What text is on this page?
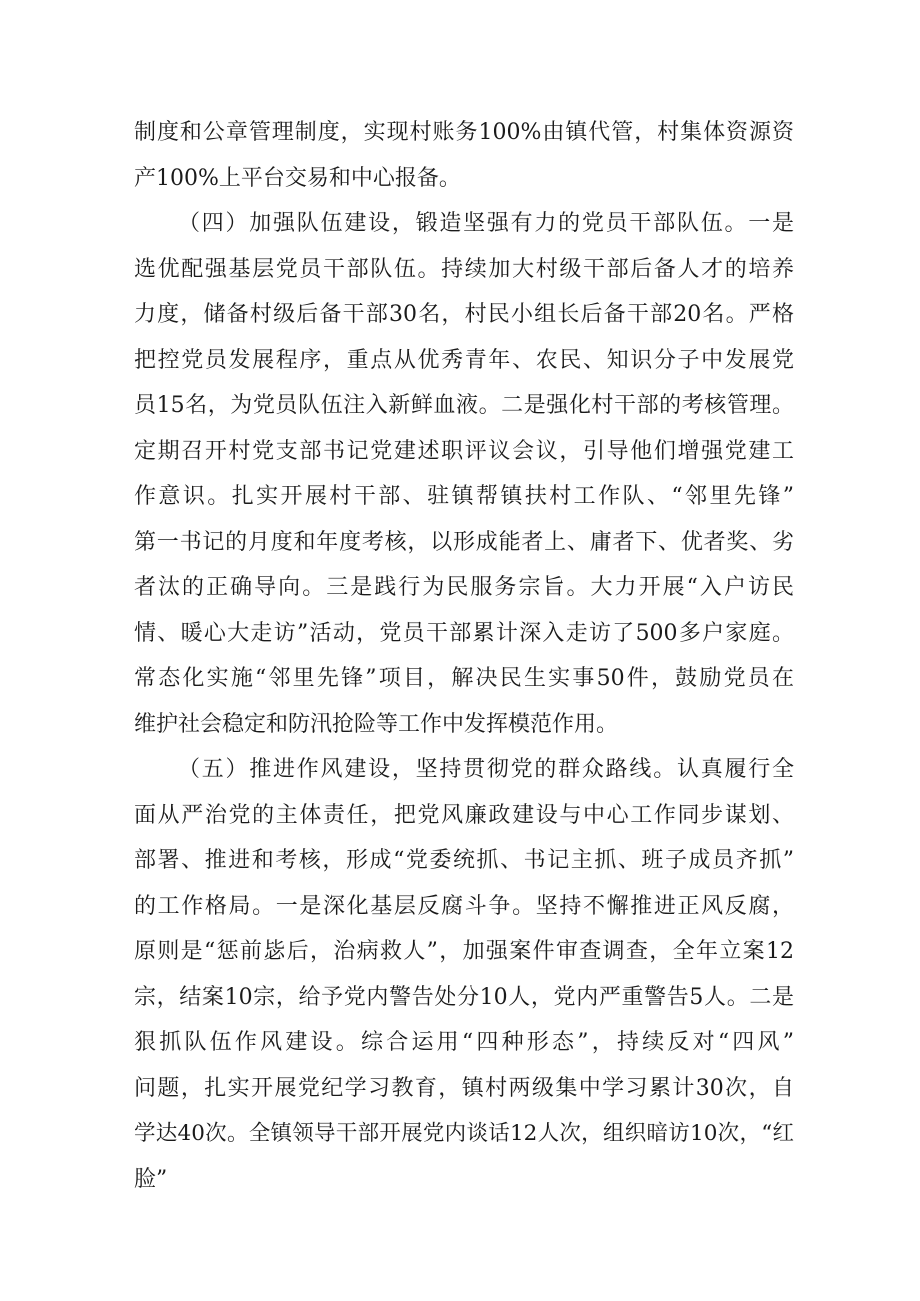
制度和公章管理制度，实现村账务100%由镇代管，村集体资源资
产100%上平台交易和中心报备。
（四）加强队伍建设，锻造坚强有力的党员干部队伍。一是
选优配强基层党员干部队伍。持续加大村级干部后备人才的培养
力度，储备村级后备干部30名，村民小组长后备干部20名。严格
把控党员发展程序，重点从优秀青年、农民、知识分子中发展党
员15名，为党员队伍注入新鲜血液。二是强化村干部的考核管理。
定期召开村党支部书记党建述职评议会议，引导他们增强党建工
作意识。扎实开展村干部、驻镇帮镇扶村工作队、“邻里先锋”
第一书记的月度和年度考核，以形成能者上、庸者下、优者奖、劣
者汰的正确导向。三是践行为民服务宗旨。大力开展“入户访民
情、暖心大走访”活动，党员干部累计深入走访了500多户家庭。
常态化实施“邻里先锋”项目，解决民生实事50件，鼓励党员在
维护社会稳定和防汛抢险等工作中发挥模范作用。
（五）推进作风建设，坚持贯彻党的群众路线。认真履行全
面从严治党的主体责任，把党风廉政建设与中心工作同步谋划、
部署、推进和考核，形成“党委统抓、书记主抓、班子成员齐抓”
的工作格局。一是深化基层反腐斗争。坚持不懈推进正风反腐，
原则是“惩前毖后，治病救人”，加强案件审查调查，全年立案12
宗，结案10宗，给予党内警告处分10人，党内严重警告5人。二是
狠抓队伍作风建设。综合运用“四种形态”，持续反对“四风”
问题，扎实开展党纪学习教育，镇村两级集中学习累计30次，自
学达40次。全镇领导干部开展党内谈话12人次，组织暗访10次，“红
脸”
